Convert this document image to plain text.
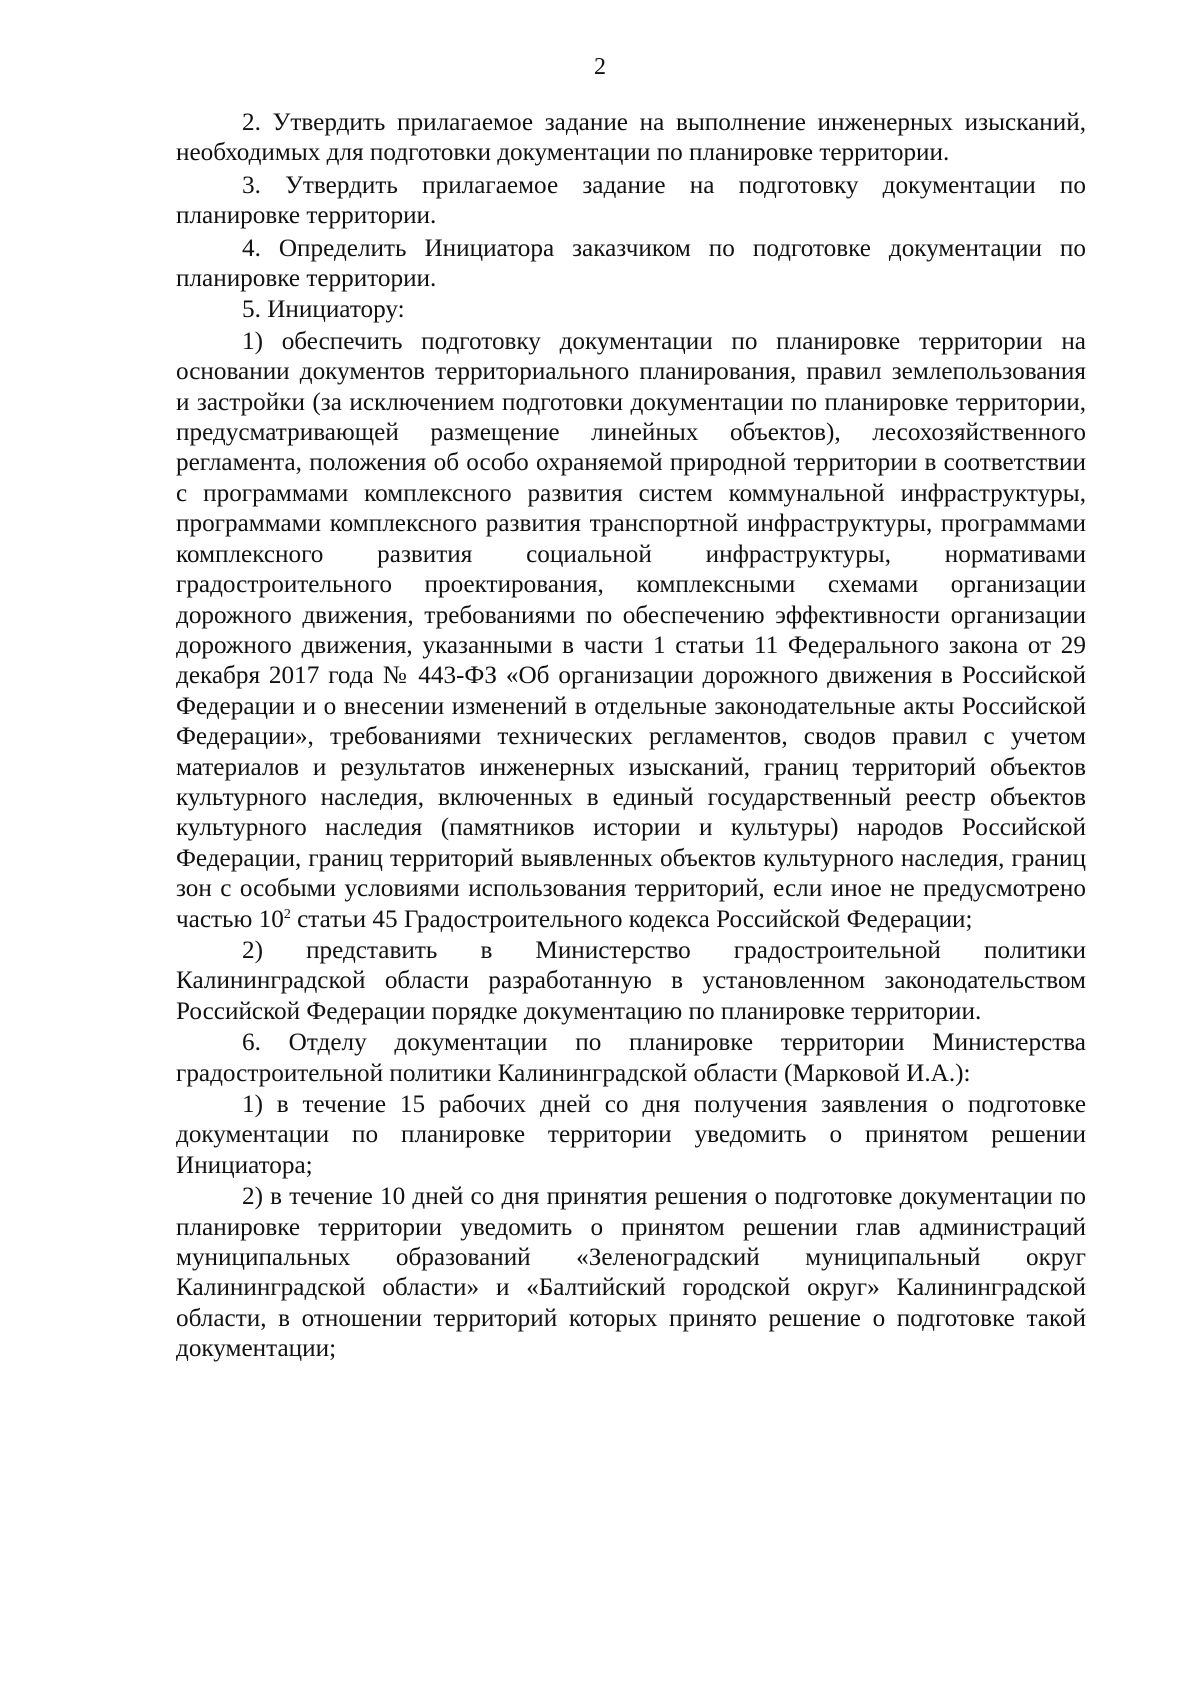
2

2. Утвердить прилагаемое задание на выполнение инженерных изысканий, необходимых для подготовки документации по планировке территории.

3. Утвердить прилагаемое задание на подготовку документации по планировке территории.

4. Определить Инициатора заказчиком по подготовке документации по планировке территории.

5. Инициатору:

1) обеспечить подготовку документации по планировке территории на основании документов территориального планирования, правил землепользования и застройки (за исключением подготовки документации по планировке территории, предусматривающей размещение линейных объектов), лесохозяйственного регламента, положения об особо охраняемой природной территории в соответствии с программами комплексного развития систем коммунальной инфраструктуры, программами комплексного развития транспортной инфраструктуры, программами комплексного развития социальной инфраструктуры, нормативами градостроительного проектирования, комплексными схемами организации дорожного движения, требованиями по обеспечению эффективности организации дорожного движения, указанными в части 1 статьи 11 Федерального закона от 29 декабря 2017 года № 443-ФЗ «Об организации дорожного движения в Российской Федерации и о внесении изменений в отдельные законодательные акты Российской Федерации», требованиями технических регламентов, сводов правил с учетом материалов и результатов инженерных изысканий, границ территорий объектов культурного наследия, включенных в единый государственный реестр объектов культурного наследия (памятников истории и культуры) народов Российской Федерации, границ территорий выявленных объектов культурного наследия, границ зон с особыми условиями использования территорий, если иное не предусмотрено частью $10^2$ статьи 45 Градостроительного кодекса Российской Федерации;

2) представить в Министерство градостроительной политики Калининградской области разработанную в установленном законодательством Российской Федерации порядке документацию по планировке территории.

6. Отделу документации по планировке территории Министерства градостроительной политики Калининградской области (Марковой И.А.):

1) в течение 15 рабочих дней со дня получения заявления о подготовке документации по планировке территории уведомить о принятом решении Инициатора;

2) в течение 10 дней со дня принятия решения о подготовке документации по планировке территории уведомить о принятом решении глав администраций муниципальных образований «Зеленоградский муниципальный округ Калининградской области» и «Балтийский городской округ» Калининградской области, в отношении территорий которых принято решение о подготовке такой документации;
